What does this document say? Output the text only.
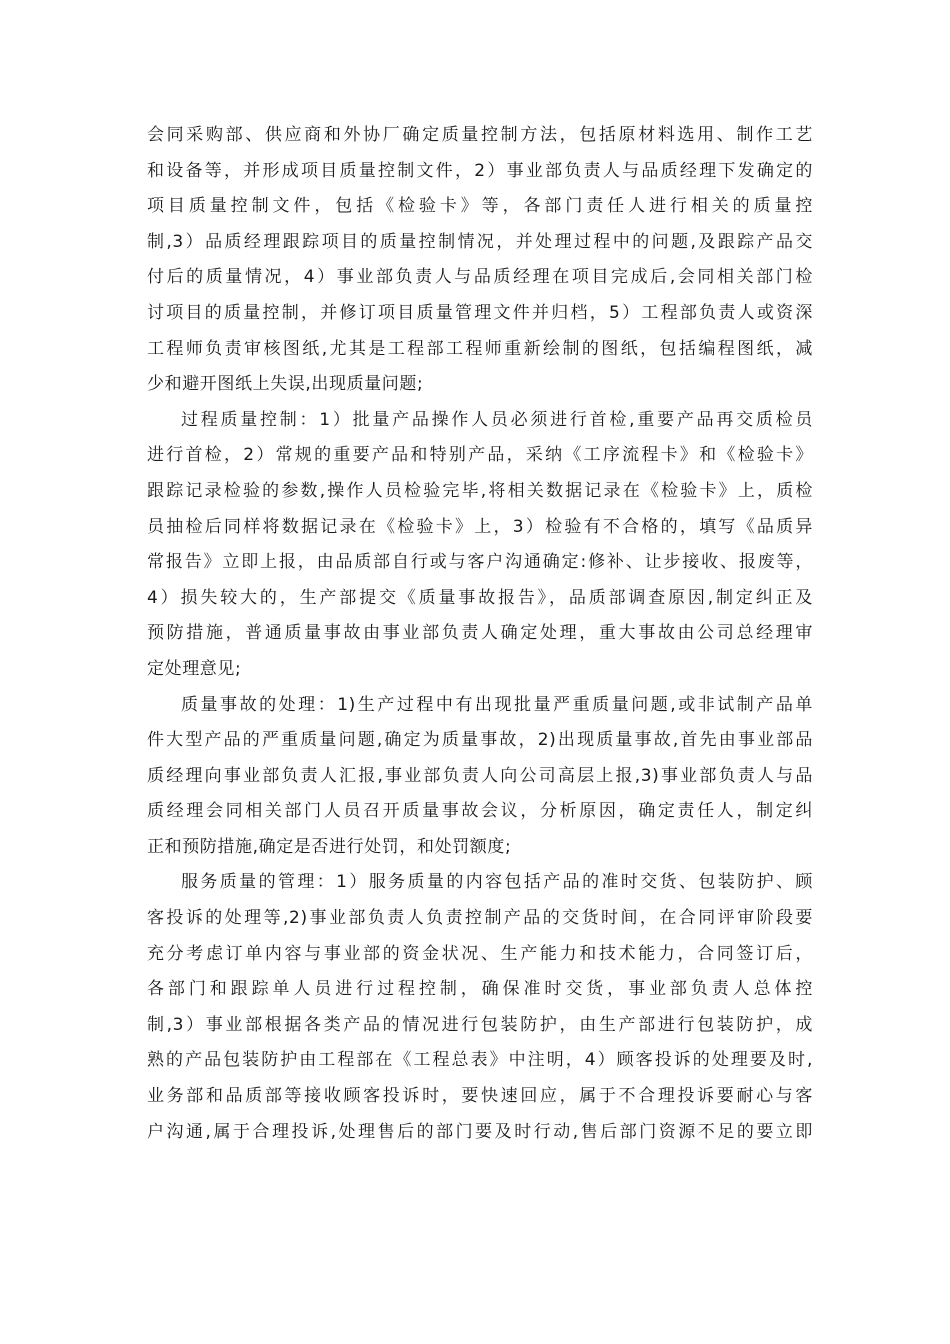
会同采购部、供应商和外协厂确定质量控制方法，包括原材料选用、制作工艺
和设备等，并形成项目质量控制文件，2）事业部负责人与品质经理下发确定的
项目质量控制文件，包括《检验卡》等，各部门责任人进行相关的质量控
制,3）品质经理跟踪项目的质量控制情况，并处理过程中的问题,及跟踪产品交
付后的质量情况，4）事业部负责人与品质经理在项目完成后,会同相关部门检
讨项目的质量控制，并修订项目质量管理文件并归档，5）工程部负责人或资深
工程师负责审核图纸,尤其是工程部工程师重新绘制的图纸，包括编程图纸，减
少和避开图纸上失误,出现质量问题;
过程质量控制：1）批量产品操作人员必须进行首检,重要产品再交质检员
进行首检，2）常规的重要产品和特别产品，采纳《工序流程卡》和《检验卡》
跟踪记录检验的参数,操作人员检验完毕,将相关数据记录在《检验卡》上，质检
员抽检后同样将数据记录在《检验卡》上，3）检验有不合格的，填写《品质异
常报告》立即上报，由品质部自行或与客户沟通确定:修补、让步接收、报废等，
4）损失较大的，生产部提交《质量事故报告》，品质部调查原因,制定纠正及
预防措施，普通质量事故由事业部负责人确定处理，重大事故由公司总经理审
定处理意见;
质量事故的处理：1)生产过程中有出现批量严重质量问题,或非试制产品单
件大型产品的严重质量问题,确定为质量事故，2)出现质量事故,首先由事业部品
质经理向事业部负责人汇报,事业部负责人向公司高层上报,3)事业部负责人与品
质经理会同相关部门人员召开质量事故会议，分析原因，确定责任人，制定纠
正和预防措施,确定是否进行处罚，和处罚额度;
服务质量的管理：1）服务质量的内容包括产品的准时交货、包装防护、顾
客投诉的处理等,2)事业部负责人负责控制产品的交货时间，在合同评审阶段要
充分考虑订单内容与事业部的资金状况、生产能力和技术能力，合同签订后，
各部门和跟踪单人员进行过程控制，确保准时交货，事业部负责人总体控
制,3）事业部根据各类产品的情况进行包装防护，由生产部进行包装防护，成
熟的产品包装防护由工程部在《工程总表》中注明，4）顾客投诉的处理要及时,
业务部和品质部等接收顾客投诉时，要快速回应，属于不合理投诉要耐心与客
户沟通,属于合理投诉,处理售后的部门要及时行动,售后部门资源不足的要立即
